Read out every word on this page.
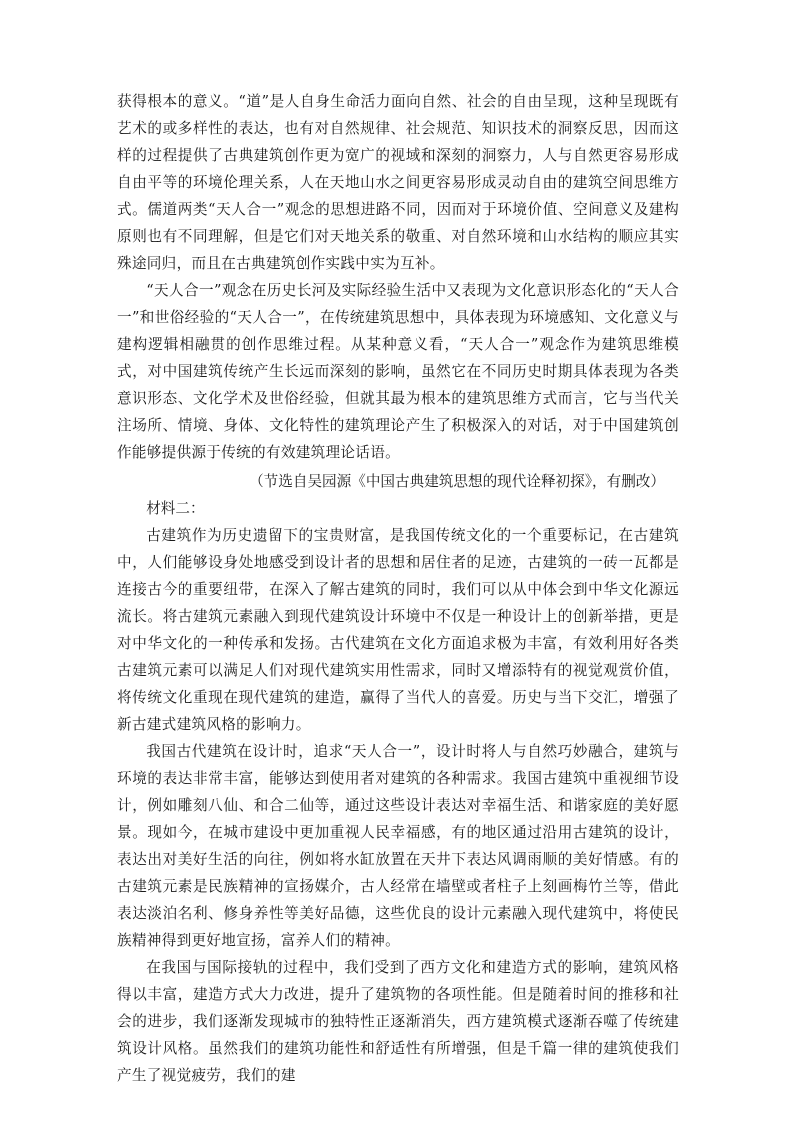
获得根本的意义。“道”是人自身生命活力面向自然、社会的自由呈现，这种呈现既有艺术的或多样性的表达，也有对自然规律、社会规范、知识技术的洞察反思，因而这样的过程提供了古典建筑创作更为宽广的视域和深刻的洞察力，人与自然更容易形成自由平等的环境伦理关系，人在天地山水之间更容易形成灵动自由的建筑空间思维方式。儒道两类“天人合一”观念的思想进路不同，因而对于环境价值、空间意义及建构原则也有不同理解，但是它们对天地关系的敬重、对自然环境和山水结构的顺应其实殊途同归，而且在古典建筑创作实践中实为互补。

“天人合一”观念在历史长河及实际经验生活中又表现为文化意识形态化的“天人合一”和世俗经验的“天人合一”，在传统建筑思想中，具体表现为环境感知、文化意义与建构逻辑相融贯的创作思维过程。从某种意义看，“天人合一”观念作为建筑思维模式，对中国建筑传统产生长远而深刻的影响，虽然它在不同历史时期具体表现为各类意识形态、文化学术及世俗经验，但就其最为根本的建筑思维方式而言，它与当代关注场所、情境、身体、文化特性的建筑理论产生了积极深入的对话，对于中国建筑创作能够提供源于传统的有效建筑理论话语。

（节选自吴园源《中国古典建筑思想的现代诠释初探》，有删改）

材料二：

古建筑作为历史遗留下的宝贵财富，是我国传统文化的一个重要标记，在古建筑中，人们能够设身处地感受到设计者的思想和居住者的足迹，古建筑的一砖一瓦都是连接古今的重要纽带，在深入了解古建筑的同时，我们可以从中体会到中华文化源远流长。将古建筑元素融入到现代建筑设计环境中不仅是一种设计上的创新举措，更是对中华文化的一种传承和发扬。古代建筑在文化方面追求极为丰富，有效利用好各类古建筑元素可以满足人们对现代建筑实用性需求，同时又增添特有的视觉观赏价值，将传统文化重现在现代建筑的建造，赢得了当代人的喜爱。历史与当下交汇，增强了新古建式建筑风格的影响力。

我国古代建筑在设计时，追求“天人合一”，设计时将人与自然巧妙融合，建筑与环境的表达非常丰富，能够达到使用者对建筑的各种需求。我国古建筑中重视细节设计，例如雕刻八仙、和合二仙等，通过这些设计表达对幸福生活、和谐家庭的美好愿景。现如今，在城市建设中更加重视人民幸福感，有的地区通过沿用古建筑的设计，表达出对美好生活的向往，例如将水缸放置在天井下表达风调雨顺的美好情感。有的古建筑元素是民族精神的宣扬媒介，古人经常在墙壁或者柱子上刻画梅竹兰等，借此表达淡泊名利、修身养性等美好品德，这些优良的设计元素融入现代建筑中，将使民族精神得到更好地宣扬，富养人们的精神。

在我国与国际接轨的过程中，我们受到了西方文化和建造方式的影响，建筑风格得以丰富，建造方式大力改进，提升了建筑物的各项性能。但是随着时间的推移和社会的进步，我们逐渐发现城市的独特性正逐渐消失，西方建筑模式逐渐吞噬了传统建筑设计风格。虽然我们的建筑功能性和舒适性有所增强，但是千篇一律的建筑使我们产生了视觉疲劳，我们的建
